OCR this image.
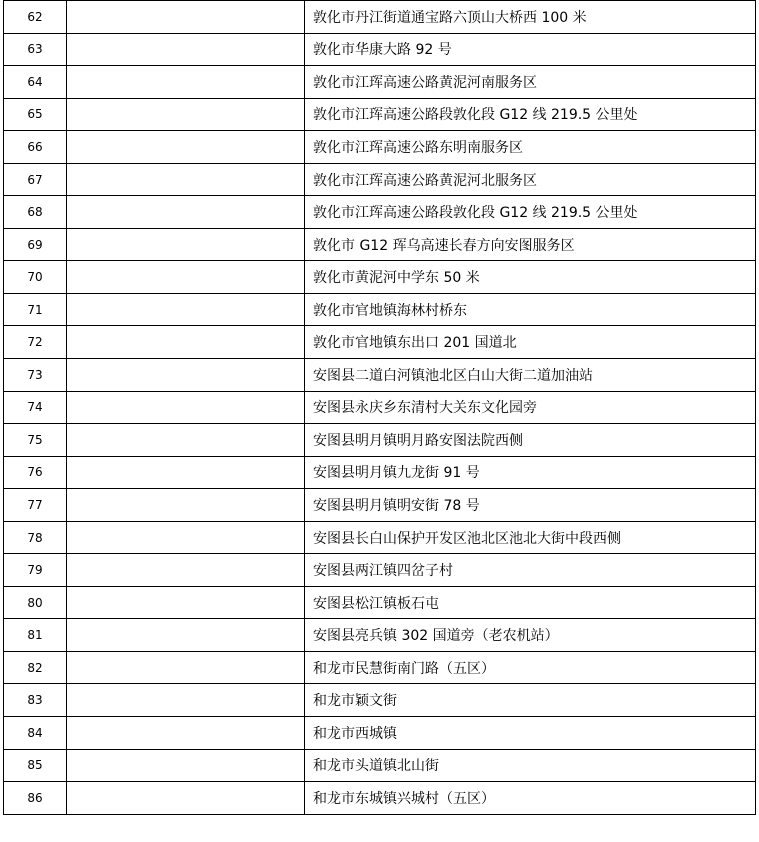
62		敦化市丹江街道通宝路六顶山大桥西 100 米
63		敦化市华康大路 92 号
64		敦化市江珲高速公路黄泥河南服务区
65		敦化市江珲高速公路段敦化段 G12 线 219.5 公里处
66		敦化市江珲高速公路东明南服务区
67		敦化市江珲高速公路黄泥河北服务区
68		敦化市江珲高速公路段敦化段 G12 线 219.5 公里处
69		敦化市 G12 珲乌高速长春方向安图服务区
70		敦化市黄泥河中学东 50 米
71		敦化市官地镇海林村桥东
72		敦化市官地镇东出口 201 国道北
73		安图县二道白河镇池北区白山大街二道加油站
74		安图县永庆乡东清村大关东文化园旁
75		安图县明月镇明月路安图法院西侧
76		安图县明月镇九龙街 91 号
77		安图县明月镇明安街 78 号
78		安图县长白山保护开发区池北区池北大街中段西侧
79		安图县两江镇四岔子村
80		安图县松江镇板石屯
81		安图县亮兵镇 302 国道旁（老农机站）
82		和龙市民慧街南门路（五区）
83		和龙市颖文街
84		和龙市西城镇
85		和龙市头道镇北山街
86		和龙市东城镇兴城村（五区）
